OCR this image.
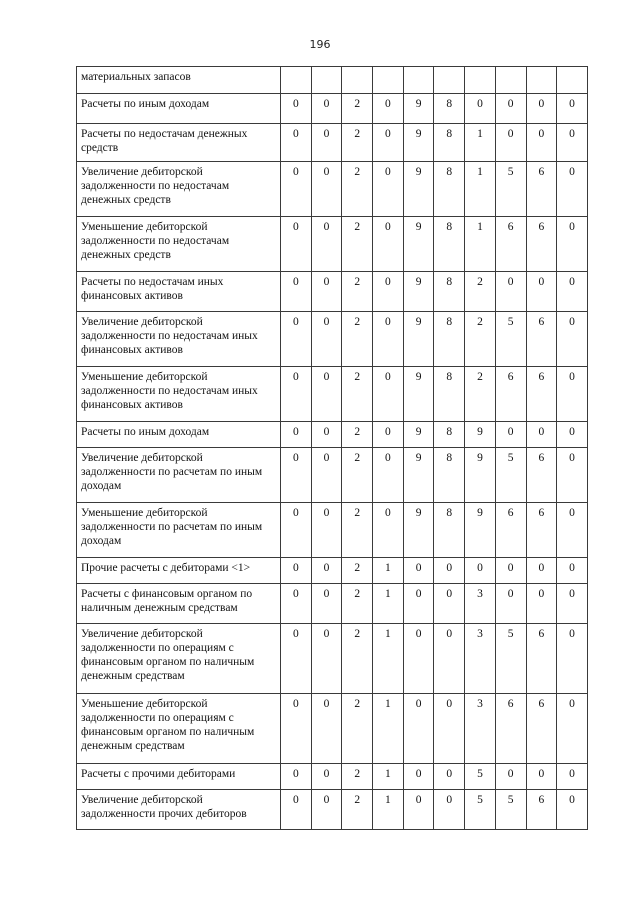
196
материальных запасов										
Расчеты по иным доходам	0	0	2	0	9	8	0	0	0	0
Расчеты по недостачам денежных средств	0	0	2	0	9	8	1	0	0	0
Увеличение дебиторской задолженности по недостачам денежных средств	0	0	2	0	9	8	1	5	6	0
Уменьшение дебиторской задолженности по недостачам денежных средств	0	0	2	0	9	8	1	6	6	0
Расчеты по недостачам иных финансовых активов	0	0	2	0	9	8	2	0	0	0
Увеличение дебиторской задолженности по недостачам иных финансовых активов	0	0	2	0	9	8	2	5	6	0
Уменьшение дебиторской задолженности по недостачам иных финансовых активов	0	0	2	0	9	8	2	6	6	0
Расчеты по иным доходам	0	0	2	0	9	8	9	0	0	0
Увеличение дебиторской задолженности по расчетам по иным доходам	0	0	2	0	9	8	9	5	6	0
Уменьшение дебиторской задолженности по расчетам по иным доходам	0	0	2	0	9	8	9	6	6	0
Прочие расчеты с дебиторами <1>	0	0	2	1	0	0	0	0	0	0
Расчеты с финансовым органом по наличным денежным средствам	0	0	2	1	0	0	3	0	0	0
Увеличение дебиторской задолженности по операциям с финансовым органом по наличным денежным средствам	0	0	2	1	0	0	3	5	6	0
Уменьшение дебиторской задолженности по операциям с финансовым органом по наличным денежным средствам	0	0	2	1	0	0	3	6	6	0
Расчеты с прочими дебиторами	0	0	2	1	0	0	5	0	0	0
Увеличение дебиторской задолженности прочих дебиторов	0	0	2	1	0	0	5	5	6	0
